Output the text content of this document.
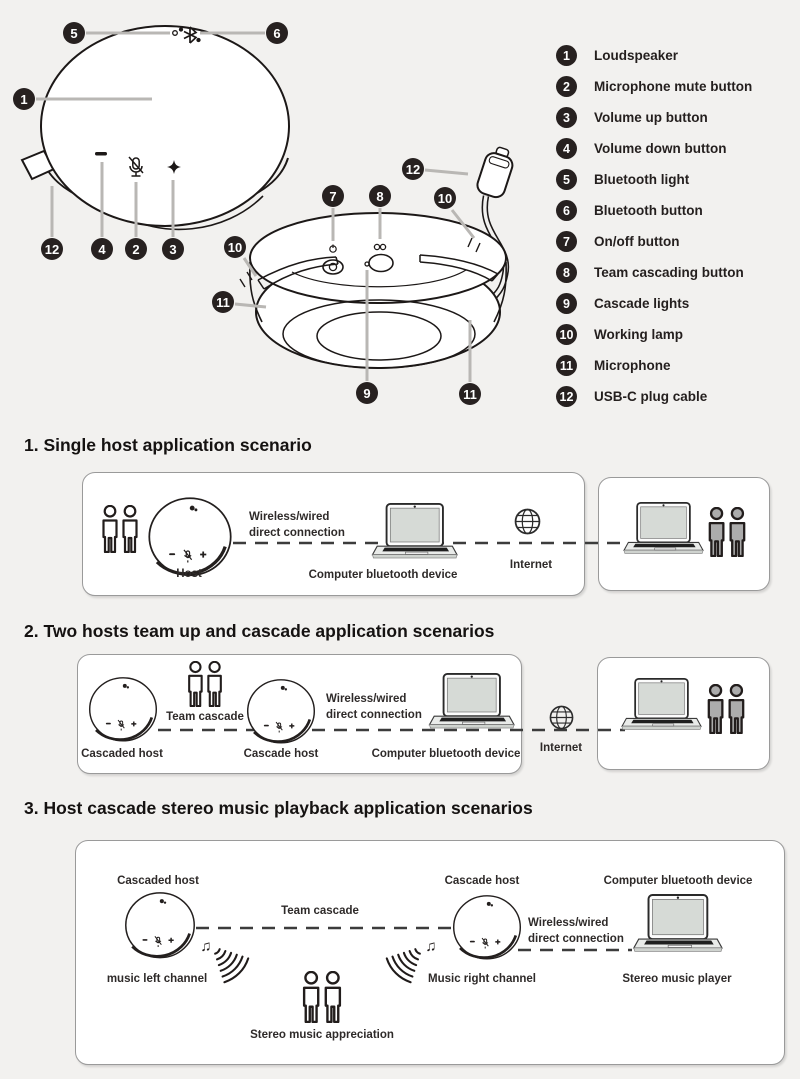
♫	♫
5	6
1
12	4	2	3
12
7	8	10
10
11
9	11
1	Loudspeaker
2	Microphone mute button
3	Volume up button
4	Volume down button
5	Bluetooth light
6	Bluetooth button
7	On/off button
8	Team cascading button
9	Cascade lights
10 Working lamp
11 Microphone
12 USB-C plug cable
1. Single host application scenario
Host
Wireless/wired direct connection
Computer bluetooth device
Internet
2. Two hosts team up and cascade application scenarios
Cascaded host
Team cascade
Cascade host
Wireless/wired direct connection
Computer bluetooth device Internet
3. Host cascade stereo music playback application scenarios
Cascaded host
Team cascade
Cascade host	Computer bluetooth device
Wireless/wired direct connection
music left channel	Music right channel	Stereo music player
Stereo music appreciation
